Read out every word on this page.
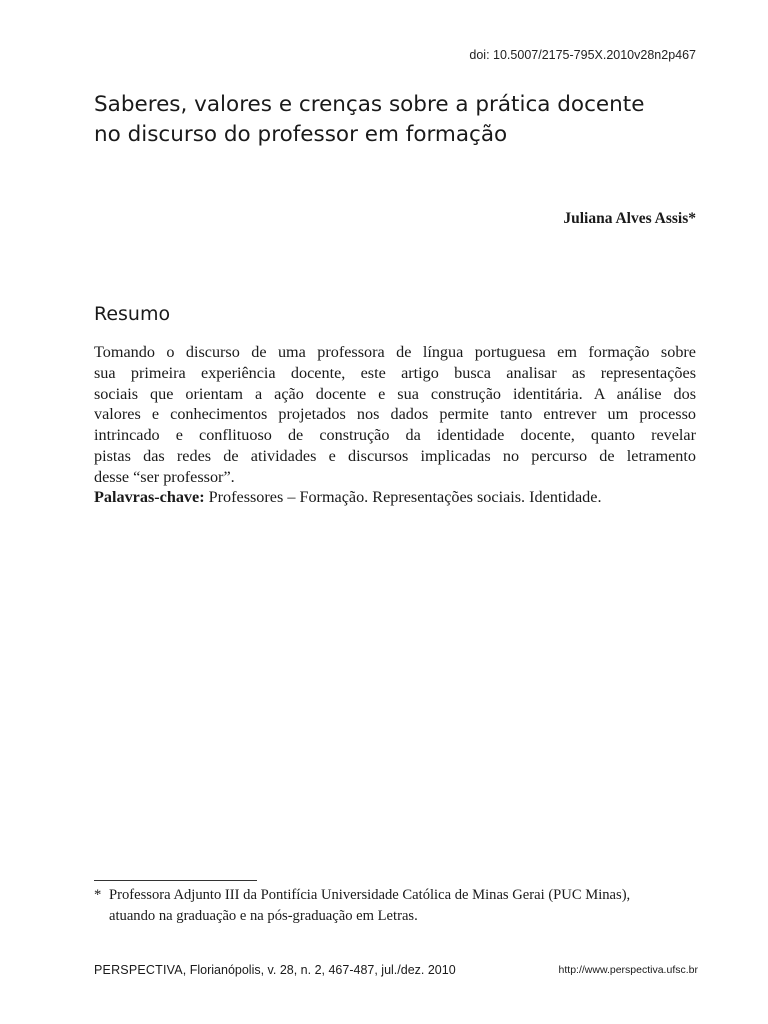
doi: 10.5007/2175-795X.2010v28n2p467
Saberes, valores e crenças sobre a prática docente
no discurso do professor em formação
Juliana Alves Assis*
Resumo

Tomando o discurso de uma professora de língua portuguesa em formação sobre
sua primeira experiência docente, este artigo busca analisar as representações
sociais que orientam a ação docente e sua construção identitária. A análise dos
valores e conhecimentos projetados nos dados permite tanto entrever um processo
intrincado e conflituoso de construção da identidade docente, quanto revelar
pistas das redes de atividades e discursos implicadas no percurso de letramento
desse “ser professor”.

Palavras-chave: Professores – Formação. Representações sociais. Identidade.
* Professora Adjunto III da Pontifícia Universidade Católica de Minas Gerai (PUC Minas),
atuando na graduação e na pós-graduação em Letras.
PERSPECTIVA, Florianópolis, v. 28, n. 2, 467-487, jul./dez. 2010	http://www.perspectiva.ufsc.br
